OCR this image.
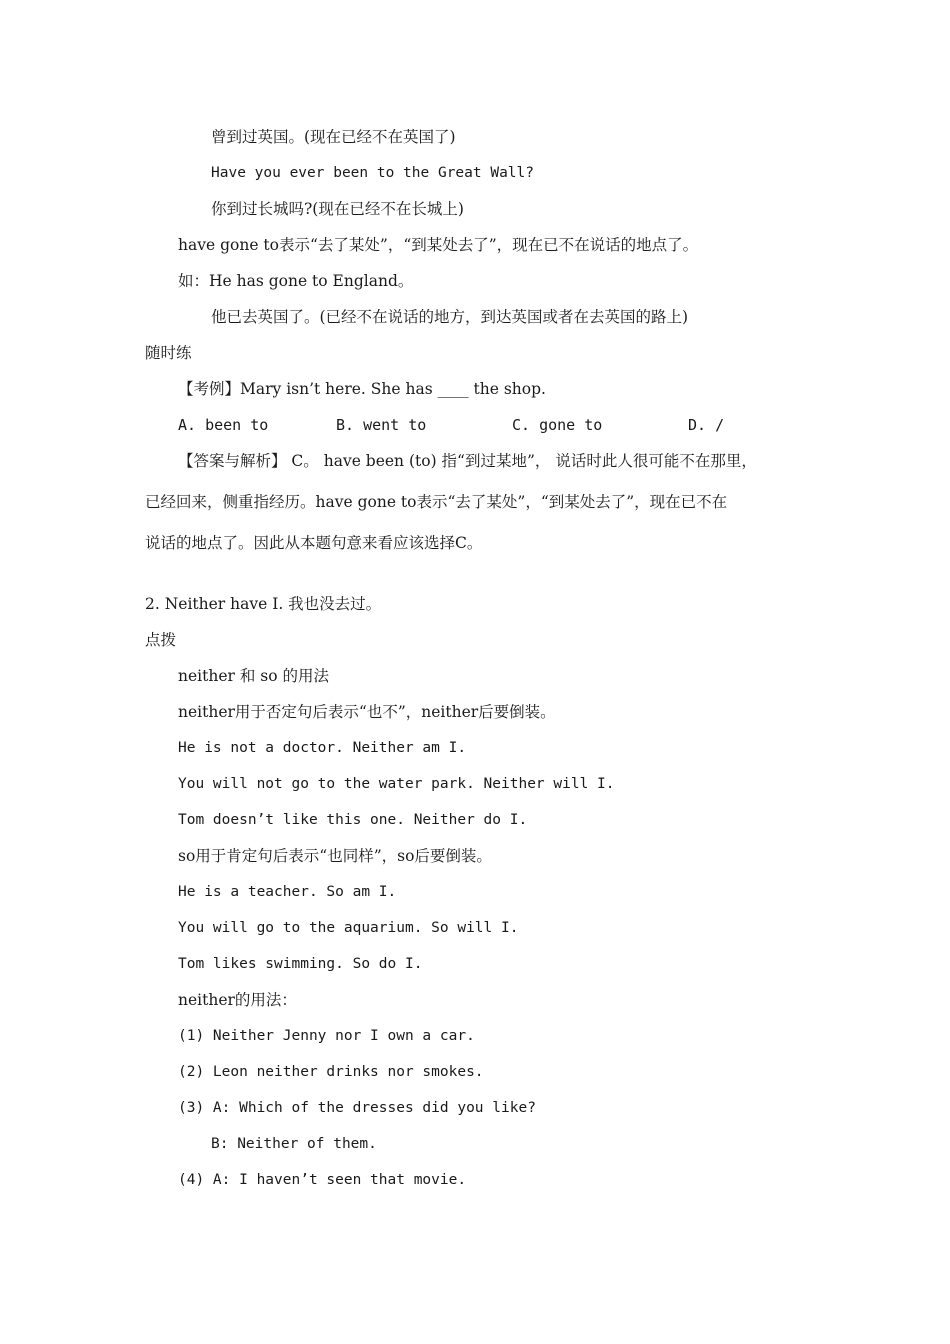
曾到过英国。(现在已经不在英国了)

Have you ever been to the Great Wall?

你到过长城吗?(现在已经不在长城上)

have gone to表示“去了某处”，“到某处去了”，现在已不在说话的地点了。

如：He has gone to England。

他已去英国了。(已经不在说话的地方，到达英国或者在去英国的路上)

随时练

【考例】Mary isn’t here. She has ____ the shop.

A. been to	B. went to	C. gone to	D. /

【答案与解析】 C。 have been (to) 指“到过某地”， 说话时此人很可能不在那里，

已经回来，侧重指经历。have gone to表示“去了某处”，“到某处去了”，现在已不在

说话的地点了。因此从本题句意来看应该选择C。

2. Neither have I. 我也没去过。

点拨

neither 和 so 的用法

neither用于否定句后表示“也不”，neither后要倒装。

He is not a doctor. Neither am I.

You will not go to the water park. Neither will I.

Tom doesn’t like this one. Neither do I.

so用于肯定句后表示“也同样”，so后要倒装。

He is a teacher. So am I.

You will go to the aquarium. So will I.

Tom likes swimming. So do I.

neither的用法：

(1) Neither Jenny nor I own a car.

(2) Leon neither drinks nor smokes.

(3) A: Which of the dresses did you like?

B: Neither of them.

(4) A: I haven’t seen that movie.
